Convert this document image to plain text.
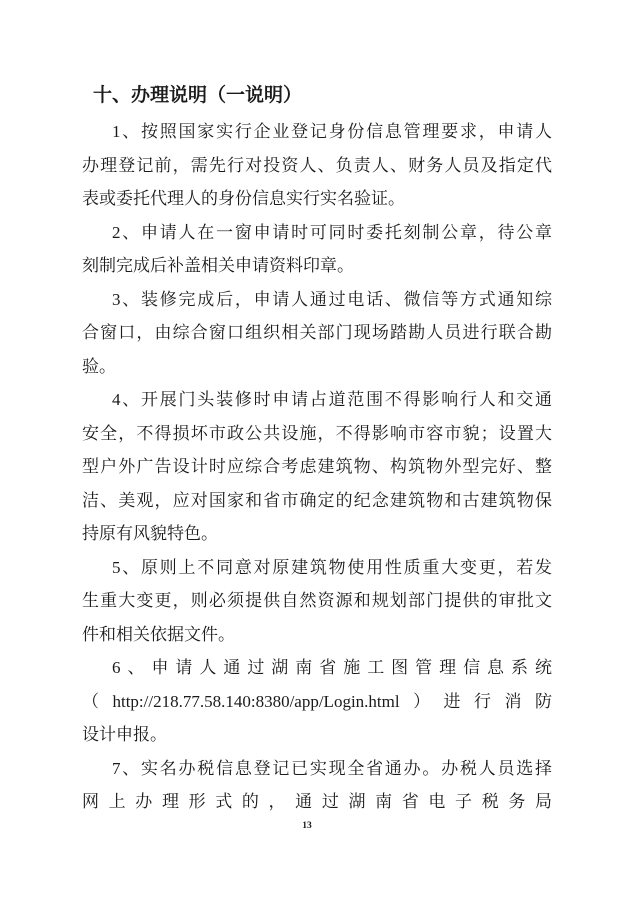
十、办理说明（一说明）
1、按照国家实行企业登记身份信息管理要求，申请人
办理登记前，需先行对投资人、负责人、财务人员及指定代
表或委托代理人的身份信息实行实名验证。
2、申请人在一窗申请时可同时委托刻制公章，待公章
刻制完成后补盖相关申请资料印章。
3、装修完成后，申请人通过电话、微信等方式通知综
合窗口，由综合窗口组织相关部门现场踏勘人员进行联合勘
验。
4、开展门头装修时申请占道范围不得影响行人和交通
安全，不得损坏市政公共设施，不得影响市容市貌；设置大
型户外广告设计时应综合考虑建筑物、构筑物外型完好、整
洁、美观，应对国家和省市确定的纪念建筑物和古建筑物保
持原有风貌特色。
5、原则上不同意对原建筑物使用性质重大变更，若发
生重大变更，则必须提供自然资源和规划部门提供的审批文
件和相关依据文件。
6、申请人通过湖南省施工图管理信息系统
（http://218.77.58.140:8380/app/Login.html）进行消防
设计申报。
7、实名办税信息登记已实现全省通办。办税人员选择
网上办理形式的，通过湖南省电子税务局
13
